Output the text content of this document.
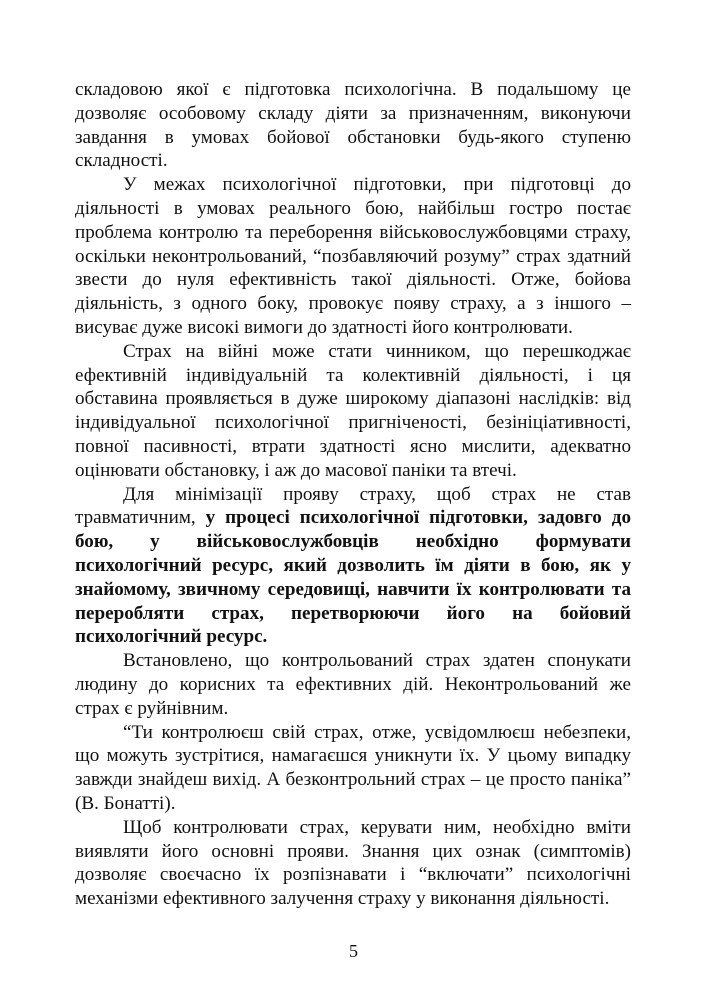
складовою якої є підготовка психологічна. В подальшому це дозволяє особовому складу діяти за призначенням, виконуючи завдання в умовах бойової обстановки будь-якого ступеню складності.

У межах психологічної підготовки, при підготовці до діяльності в умовах реального бою, найбільш гостро постає проблема контролю та переборення військовослужбовцями страху, оскільки неконтрольований, “позбавляючий розуму” страх здатний звести до нуля ефективність такої діяльності. Отже, бойова діяльність, з одного боку, провокує появу страху, а з іншого – висуває дуже високі вимоги до здатності його контролювати.

Страх на війні може стати чинником, що перешкоджає ефективній індивідуальній та колективній діяльності, і ця обставина проявляється в дуже широкому діапазоні наслідків: від індивідуальної психологічної пригніченості, безініціативності, повної пасивності, втрати здатності ясно мислити, адекватно оцінювати обстановку, і аж до масової паніки та втечі.

Для мінімізації прояву страху, щоб страх не став травматичним, у процесі психологічної підготовки, задовго до бою, у військовослужбовців необхідно формувати психологічний ресурс, який дозволить їм діяти в бою, як у знайомому, звичному середовищі, навчити їх контролювати та переробляти страх, перетворюючи його на бойовий психологічний ресурс.

Встановлено, що контрольований страх здатен спонукати людину до корисних та ефективних дій. Неконтрольований же страх є руйнівним.

“Ти контролюєш свій страх, отже, усвідомлюєш небезпеки, що можуть зустрітися, намагаєшся уникнути їх. У цьому випадку завжди знайдеш вихід. А безконтрольний страх – це просто паніка” (В. Бонатті).

Щоб контролювати страх, керувати ним, необхідно вміти виявляти його основні прояви. Знання цих ознак (симптомів) дозволяє своєчасно їх розпізнавати і “включати” психологічні механізми ефективного залучення страху у виконання діяльності.

5
